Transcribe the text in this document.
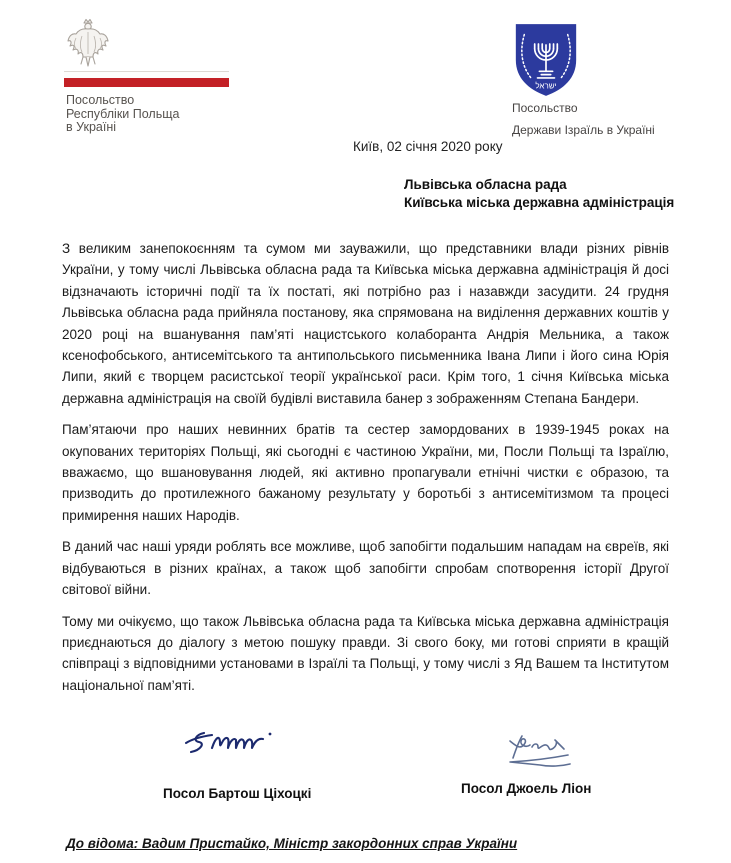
Посольство
Республіки Польща
в Україні
ישראל
Посольство
Держави Ізраїль в Україні
Київ, 02 січня 2020 року
Львівська обласна рада
Київська міська державна адміністрація

З великим занепокоєнням та сумом ми зауважили, що представники влади різних рівнів України, у тому числі Львівська обласна рада та Київська міська державна адміністрація й досі відзначають історичні події та їх постаті, які потрібно раз і назавжди засудити. 24 грудня Львівська обласна рада прийняла постанову, яка спрямована на виділення державних коштів у 2020 році на вшанування пам’яті нацистського колаборанта Андрія Мельника, а також ксенофобського, антисемітського та антипольського письменника Івана Липи і його сина Юрія Липи, який є творцем расистської теорії української раси. Крім того, 1 січня Київська міська державна адміністрація на своїй будівлі виставила банер з зображенням Степана Бандери.

Пам’ятаючи про наших невинних братів та сестер замордованих в 1939-1945 роках на окупованих територіях Польщі, які сьогодні є частиною України, ми, Посли Польщі та Ізраїлю, вважаємо, що вшановування людей, які активно пропагували етнічні чистки є образою, та призводить до протилежного бажаному результату у боротьбі з антисемітизмом та процесі примирення наших Народів.

В даний час наші уряди роблять все можливе, щоб запобігти подальшим нападам на євреїв, які відбуваються в різних країнах, а також щоб запобігти спробам спотворення історії Другої світової війни.

Тому ми очікуємо, що також Львівська обласна рада та Київська міська державна адміністрація приєднаються до діалогу з метою пошуку правди. Зі свого боку, ми готові сприяти в кращій співпраці з відповідними установами в Ізраїлі та Польщі, у тому числі з Яд Вашем та Інститутом національної пам’яті.

Посол Бартош Ціхоцкі	Посол Джоель Ліон
До відома: Вадим Пристайко, Міністр закордонних справ України
